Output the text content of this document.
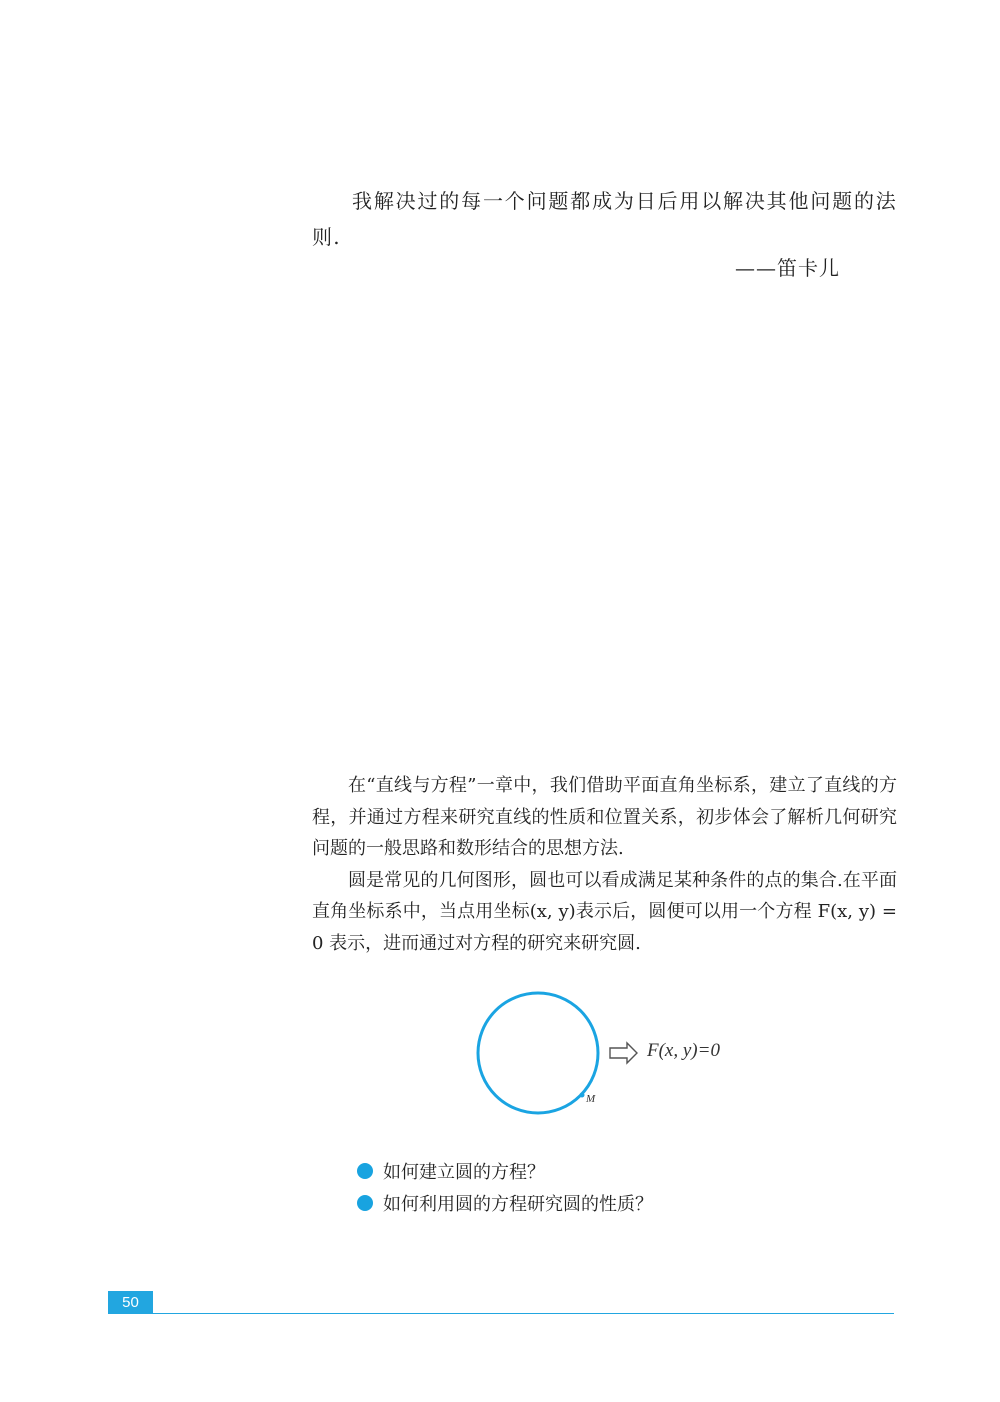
我解决过的每一个问题都成为日后用以解决其他问题的法则.

——笛卡儿

在“直线与方程”一章中，我们借助平面直角坐标系，建立了直线的方程，并通过方程来研究直线的性质和位置关系，初步体会了解析几何研究问题的一般思路和数形结合的思想方法.

圆是常见的几何图形，圆也可以看成满足某种条件的点的集合.在平面直角坐标系中，当点用坐标(x, y)表示后，圆便可以用一个方程 F(x, y) = 0 表示，进而通过对方程的研究来研究圆.

F(x, y)=0
M
如何建立圆的方程？
如何利用圆的方程研究圆的性质？
50
